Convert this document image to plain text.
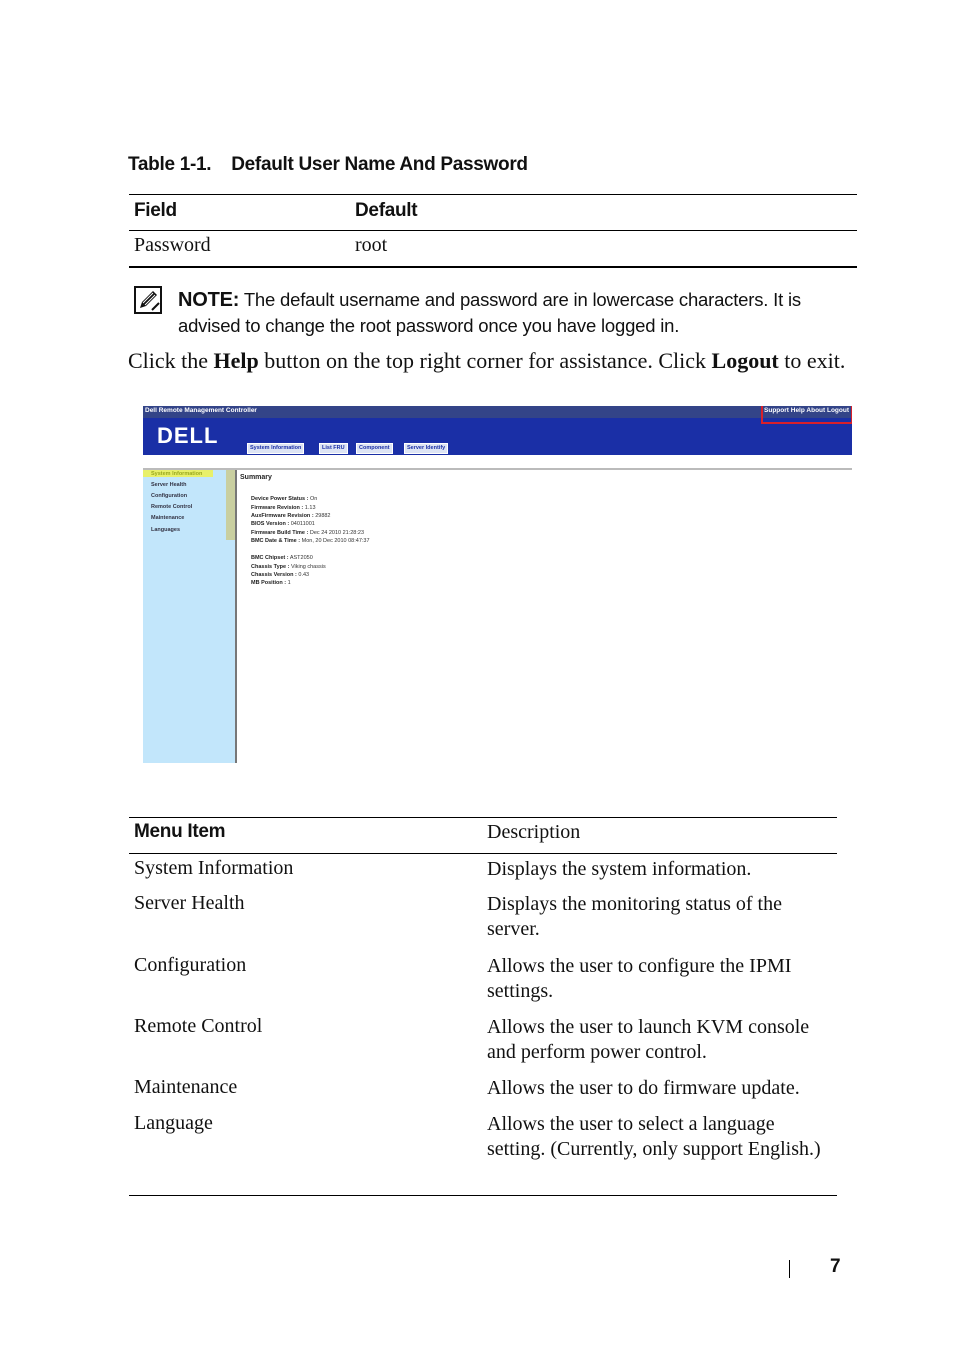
Table 1-1. Default User Name And Password
Field	Default
Password	root
NOTE: The default username and password are in lowercase characters. It is advised to change the root password once you have logged in.
Click the Help button on the top right corner for assistance. Click Logout to exit.
Dell Remote Management Controller	Support Help About Logout
DELL	System Information	List FRU	Component	Server Identify
System Information
Server Health
Configuration
Remote Control
Maintenance
Languages
Summary
Device Power Status : On
Firmware Revision : 1.13
AuxFirmware Revision : 29882
BIOS Version : 04011001
Firmware Build Time : Dec 24 2010 21:28:23
BMC Date & Time : Mon, 20 Dec 2010 08:47:37
BMC Chipset : AST2050
Chassis Type : Viking chassis
Chassis Version : 0.43
MB Position : 1
Menu Item	Description
System Information	Displays the system information.
Server Health	Displays the monitoring status of the server.
Configuration	Allows the user to configure the IPMI settings.
Remote Control	Allows the user to launch KVM console and perform power control.
Maintenance	Allows the user to do firmware update.
Language	Allows the user to select a language setting. (Currently, only support English.)
7
